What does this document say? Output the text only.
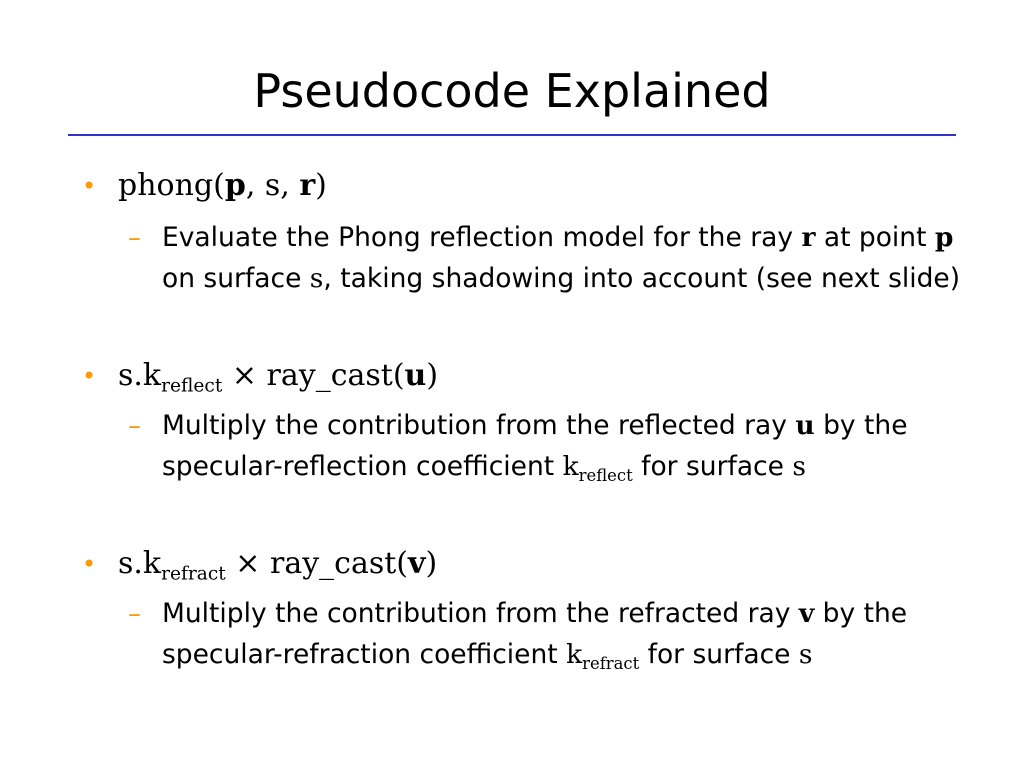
Pseudocode Explained
• phong(p, s, r)
– Evaluate the Phong reflection model for the ray r at point p on surface s, taking shadowing into account (see next slide)
• $s.k_{reflect}$ × ray_cast(u)
– Multiply the contribution from the reflected ray u by the specular-reflection coefficient $k_{reflect}$ for surface s
• $s.k_{refract}$ × ray_cast(v)
– Multiply the contribution from the refracted ray v by the specular-refraction coefficient $k_{refract}$ for surface s
